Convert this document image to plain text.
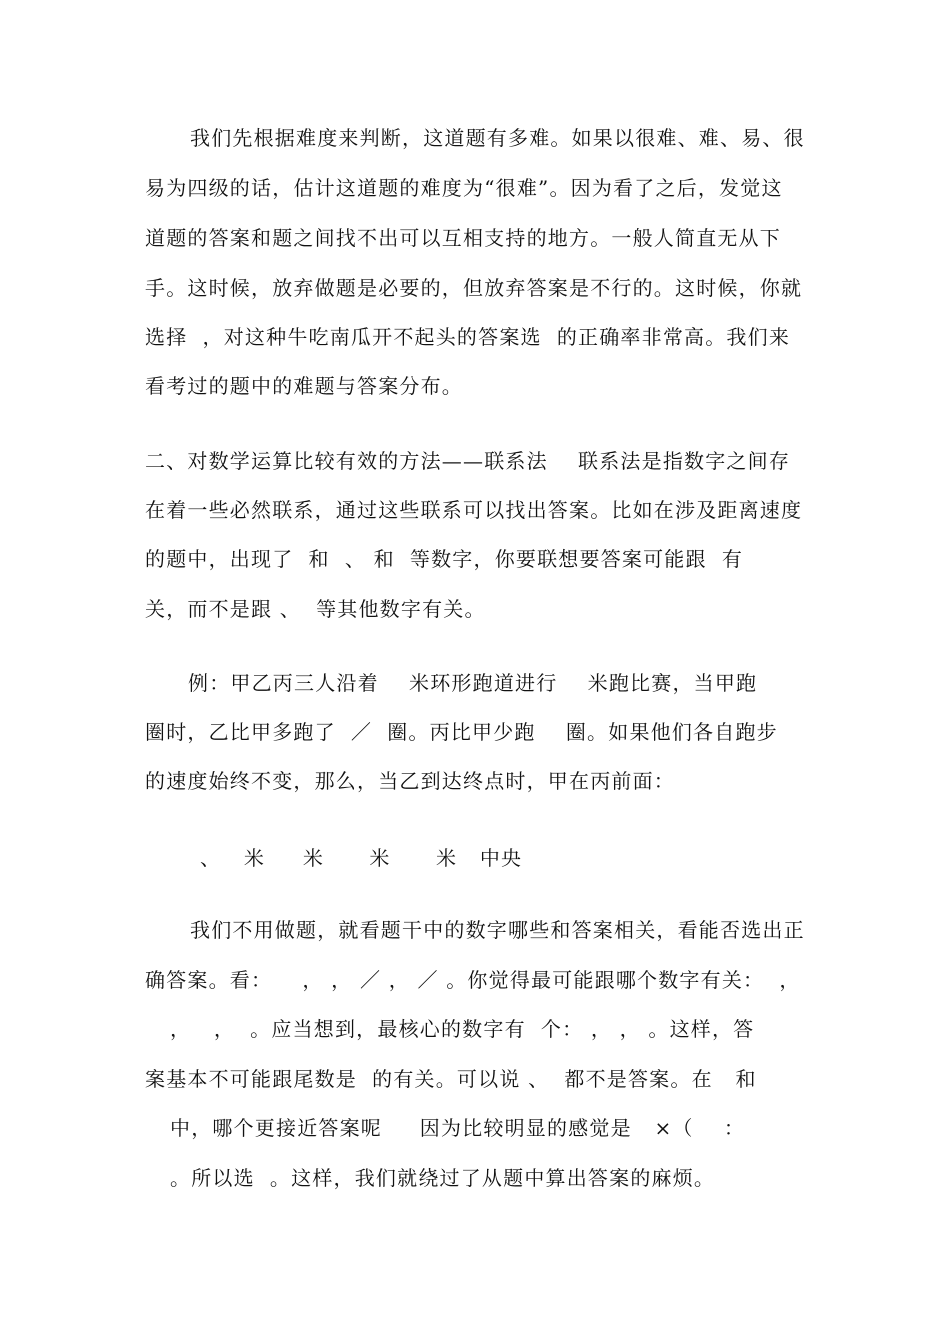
我们先根据难度来判断，这道题有多难。如果以很难、难、易、很
易为四级的话，估计这道题的难度为“很难”。因为看了之后，发觉这
道题的答案和题之间找不出可以互相支持的地方。一般人简直无从下
手。这时候，放弃做题是必要的，但放弃答案是不行的。这时候，你就
选择  ，对这种牛吃南瓜开不起头的答案选  的正确率非常高。我们来
看考过的题中的难题与答案分布。
二、对数学运算比较有效的方法——联系法    联系法是指数字之间存
在着一些必然联系，通过这些联系可以找出答案。比如在涉及距离速度
的题中，出现了  和  、 和  等数字，你要联想要答案可能跟  有
关，而不是跟 、  等其他数字有关。
例：甲乙丙三人沿着    米环形跑道进行    米跑比赛，当甲跑
圈时，乙比甲多跑了  ／  圈。丙比甲少跑    圈。如果他们各自跑步
的速度始终不变，那么，当乙到达终点时，甲在丙前面：
、   米     米      米      米   中央
我们不用做题，就看题干中的数字哪些和答案相关，看能否选出正
确答案。看：    ， ， ／ ， ／ 。你觉得最可能跟哪个数字有关：  ，
，   ，  。应当想到，最核心的数字有  个： ， ， 。这样，答
案基本不可能跟尾数是  的有关。可以说 、  都不是答案。在   和
中，哪个更接近答案呢     因为比较明显的感觉是   ×（    ：
。所以选  。这样，我们就绕过了从题中算出答案的麻烦。
